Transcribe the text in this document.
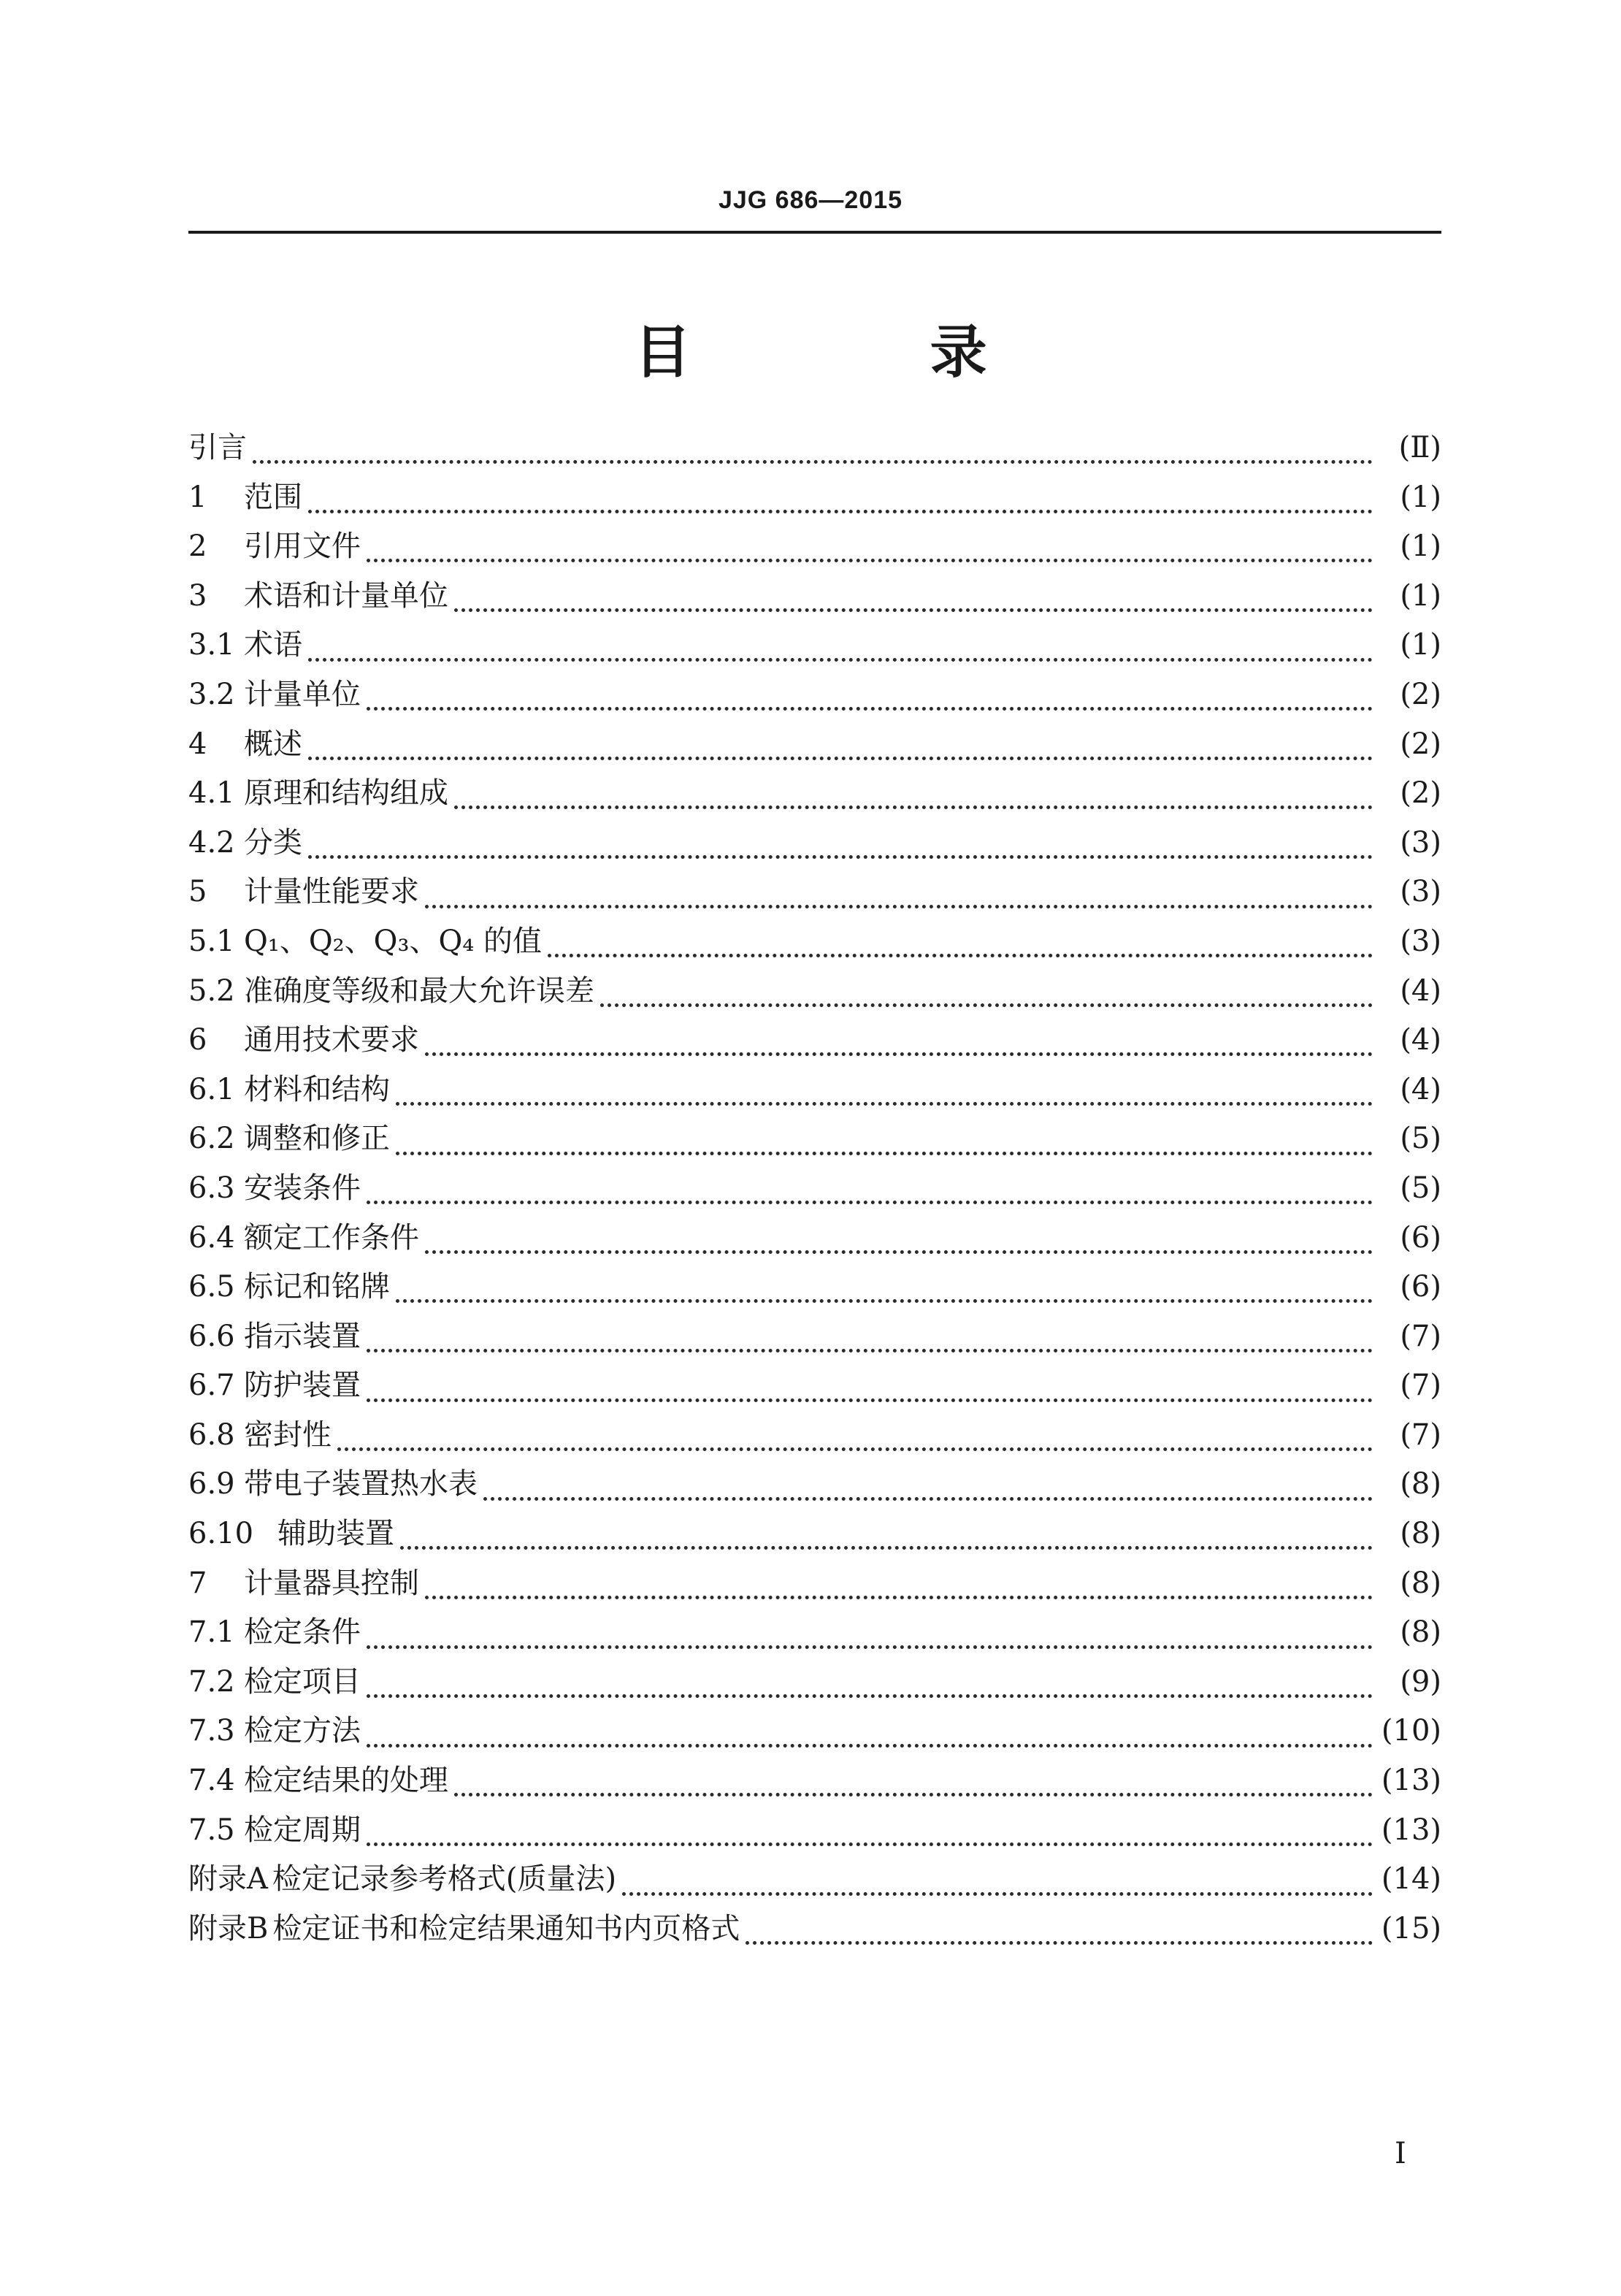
JJG 686—2015
目 录
引言	(Ⅱ)
1	范围	(1)
2	引用文件	(1)
3	术语和计量单位	(1)
3.1 术语	(1)
3.2 计量单位	(2)
4	概述	(2)
4.1 原理和结构组成	(2)
4.2 分类	(3)
5	计量性能要求	(3)
5.1 Q₁、Q₂、Q₃、Q₄ 的值	(3)
5.2 准确度等级和最大允许误差	(4)
6	通用技术要求	(4)
6.1 材料和结构	(4)
6.2 调整和修正	(5)
6.3 安装条件	(5)
6.4 额定工作条件	(6)
6.5 标记和铭牌	(6)
6.6 指示装置	(7)
6.7 防护装置	(7)
6.8 密封性	(7)
6.9 带电子装置热水表	(8)
6.10 辅助装置	(8)
7	计量器具控制	(8)
7.1 检定条件	(8)
7.2 检定项目	(9)
7.3 检定方法	(10)
7.4 检定结果的处理	(13)
7.5 检定周期	(13)
附录A 检定记录参考格式(质量法)	(14)
附录B 检定证书和检定结果通知书内页格式	(15)
Ⅰ
